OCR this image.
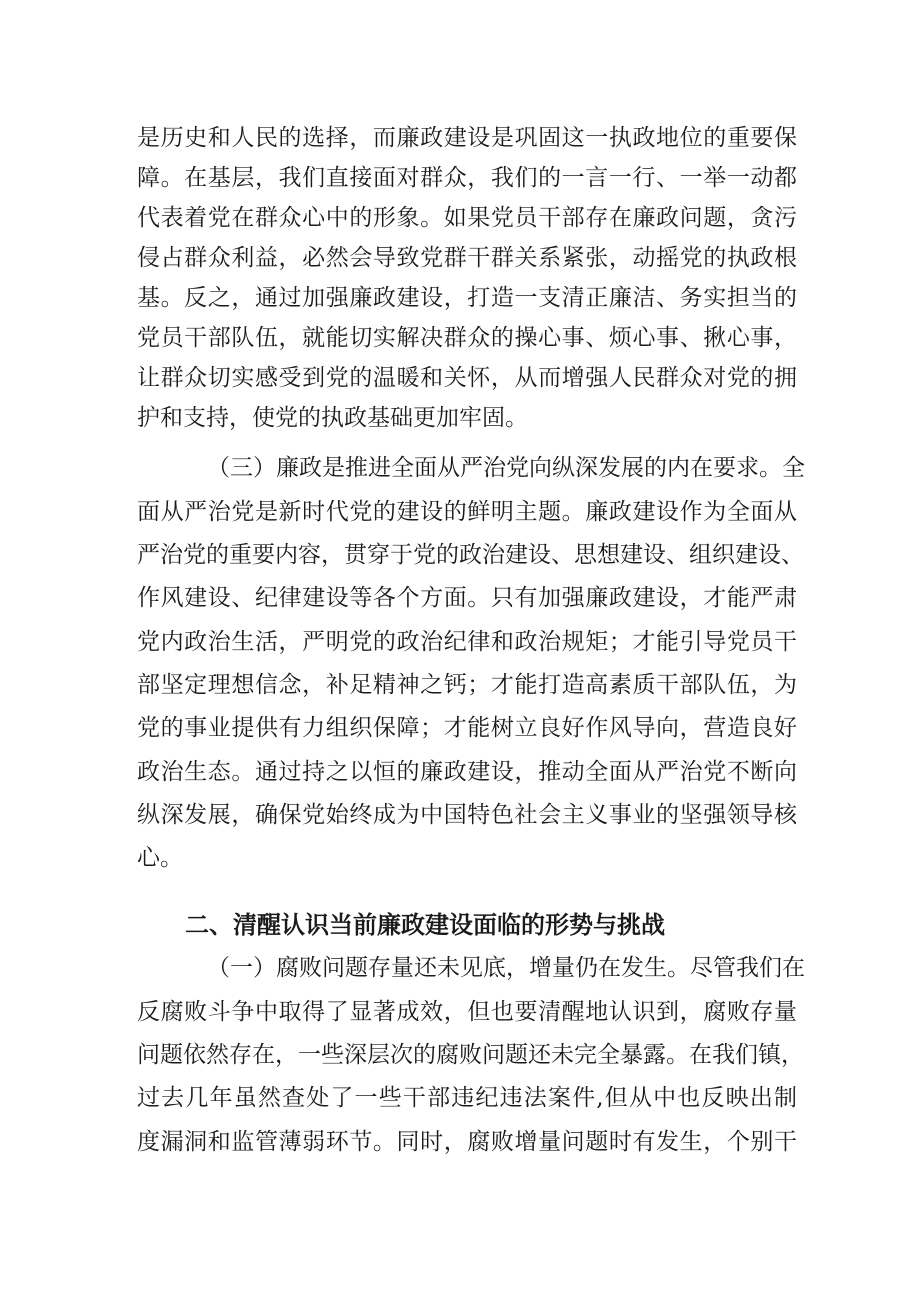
是历史和人民的选择，而廉政建设是巩固这一执政地位的重要保
障。在基层，我们直接面对群众，我们的一言一行、一举一动都
代表着党在群众心中的形象。如果党员干部存在廉政问题，贪污
侵占群众利益，必然会导致党群干群关系紧张，动摇党的执政根
基。反之，通过加强廉政建设，打造一支清正廉洁、务实担当的
党员干部队伍，就能切实解决群众的操心事、烦心事、揪心事，
让群众切实感受到党的温暖和关怀，从而增强人民群众对党的拥
护和支持，使党的执政基础更加牢固。
（三）廉政是推进全面从严治党向纵深发展的内在要求。全
面从严治党是新时代党的建设的鲜明主题。廉政建设作为全面从
严治党的重要内容，贯穿于党的政治建设、思想建设、组织建设、
作风建设、纪律建设等各个方面。只有加强廉政建设，才能严肃
党内政治生活，严明党的政治纪律和政治规矩；才能引导党员干
部坚定理想信念，补足精神之钙；才能打造高素质干部队伍，为
党的事业提供有力组织保障；才能树立良好作风导向，营造良好
政治生态。通过持之以恒的廉政建设，推动全面从严治党不断向
纵深发展，确保党始终成为中国特色社会主义事业的坚强领导核
心。
二、清醒认识当前廉政建设面临的形势与挑战
（一）腐败问题存量还未见底，增量仍在发生。尽管我们在
反腐败斗争中取得了显著成效，但也要清醒地认识到，腐败存量
问题依然存在，一些深层次的腐败问题还未完全暴露。在我们镇，
过去几年虽然查处了一些干部违纪违法案件,但从中也反映出制
度漏洞和监管薄弱环节。同时，腐败增量问题时有发生，个别干
